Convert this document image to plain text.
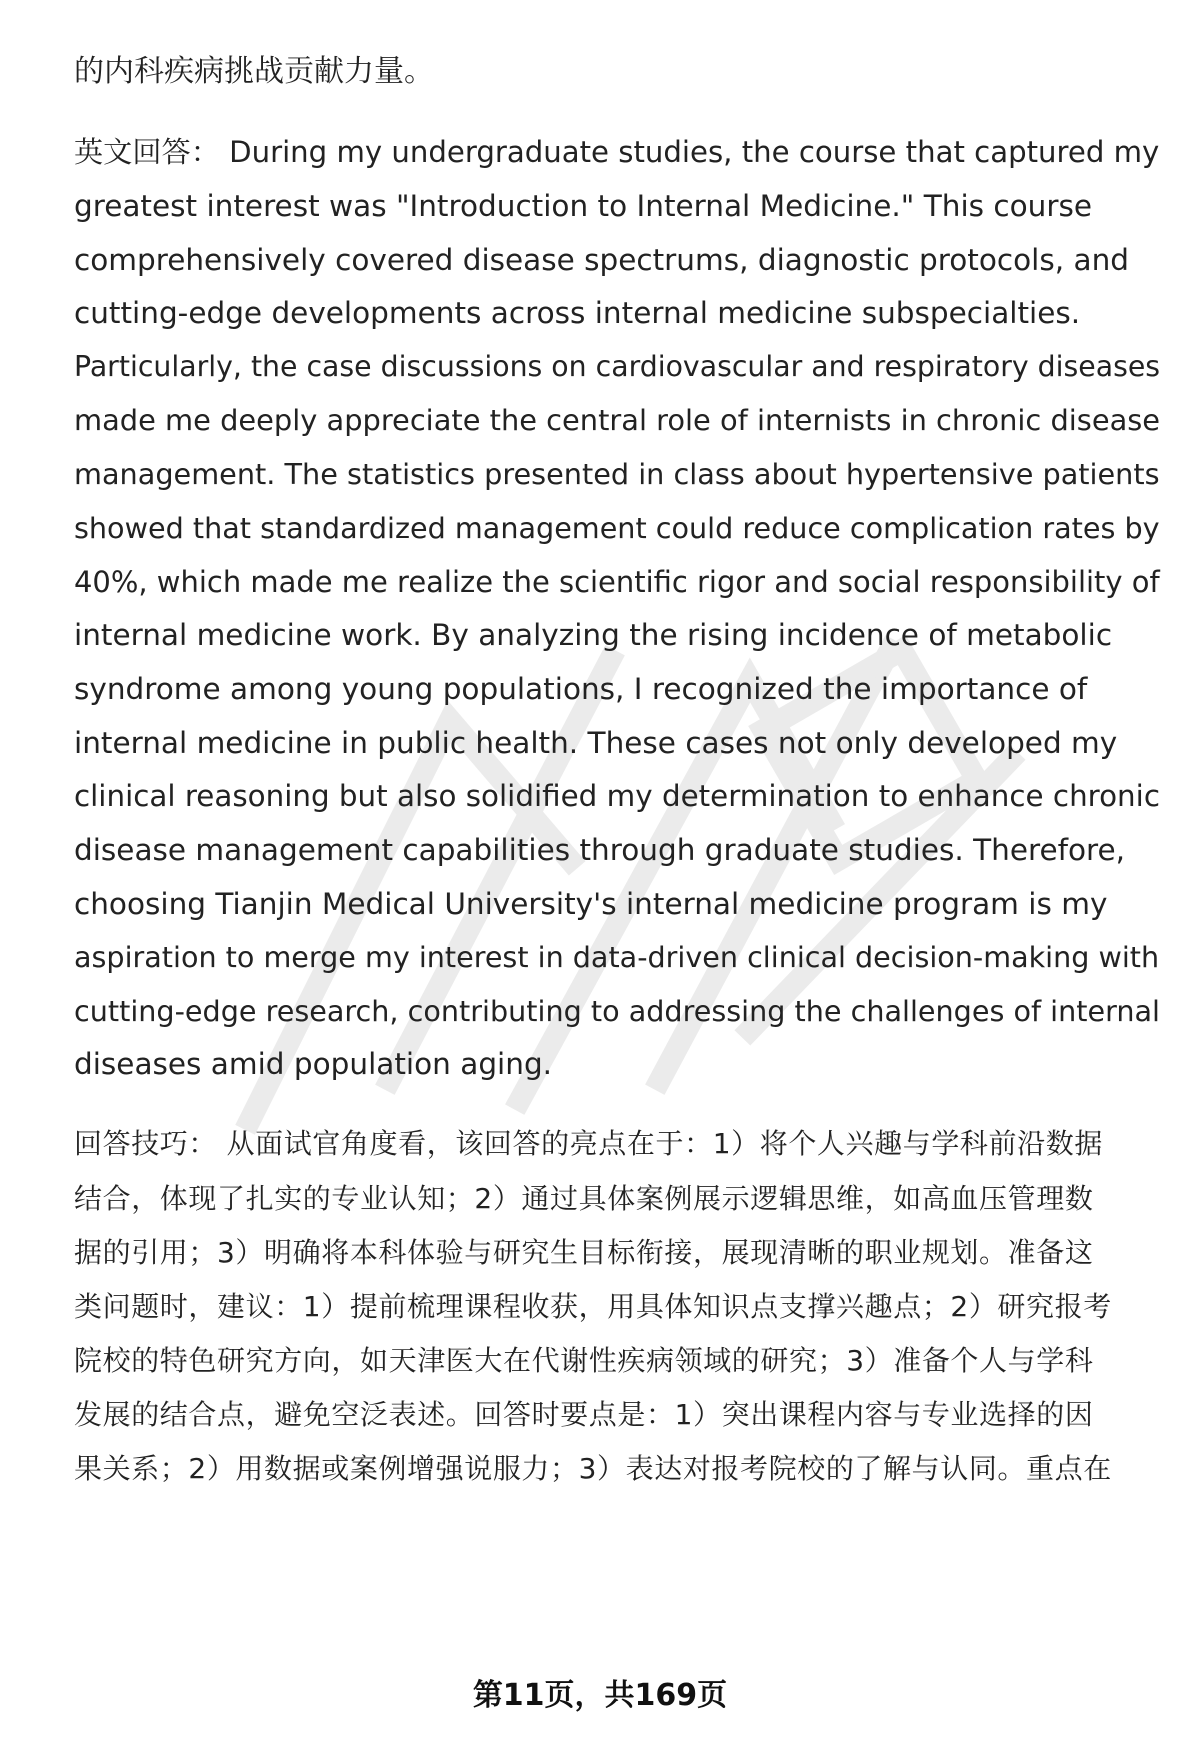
的内科疾病挑战贡献力量。
英文回答： During my undergraduate studies, the course that captured my
greatest interest was "Introduction to Internal Medicine." This course
comprehensively covered disease spectrums, diagnostic protocols, and
cutting-edge developments across internal medicine subspecialties.
Particularly, the case discussions on cardiovascular and respiratory diseases
made me deeply appreciate the central role of internists in chronic disease
management. The statistics presented in class about hypertensive patients
showed that standardized management could reduce complication rates by
40%, which made me realize the scientific rigor and social responsibility of
internal medicine work. By analyzing the rising incidence of metabolic
syndrome among young populations, I recognized the importance of
internal medicine in public health. These cases not only developed my
clinical reasoning but also solidified my determination to enhance chronic
disease management capabilities through graduate studies. Therefore,
choosing Tianjin Medical University's internal medicine program is my
aspiration to merge my interest in data-driven clinical decision-making with
cutting-edge research, contributing to addressing the challenges of internal
diseases amid population aging.
回答技巧： 从面试官角度看，该回答的亮点在于：1）将个人兴趣与学科前沿数据
结合，体现了扎实的专业认知；2）通过具体案例展示逻辑思维，如高血压管理数
据的引用；3）明确将本科体验与研究生目标衔接，展现清晰的职业规划。准备这
类问题时，建议：1）提前梳理课程收获，用具体知识点支撑兴趣点；2）研究报考
院校的特色研究方向，如天津医大在代谢性疾病领域的研究；3）准备个人与学科
发展的结合点，避免空泛表述。回答时要点是：1）突出课程内容与专业选择的因
果关系；2）用数据或案例增强说服力；3）表达对报考院校的了解与认同。重点在
第11页，共169页
